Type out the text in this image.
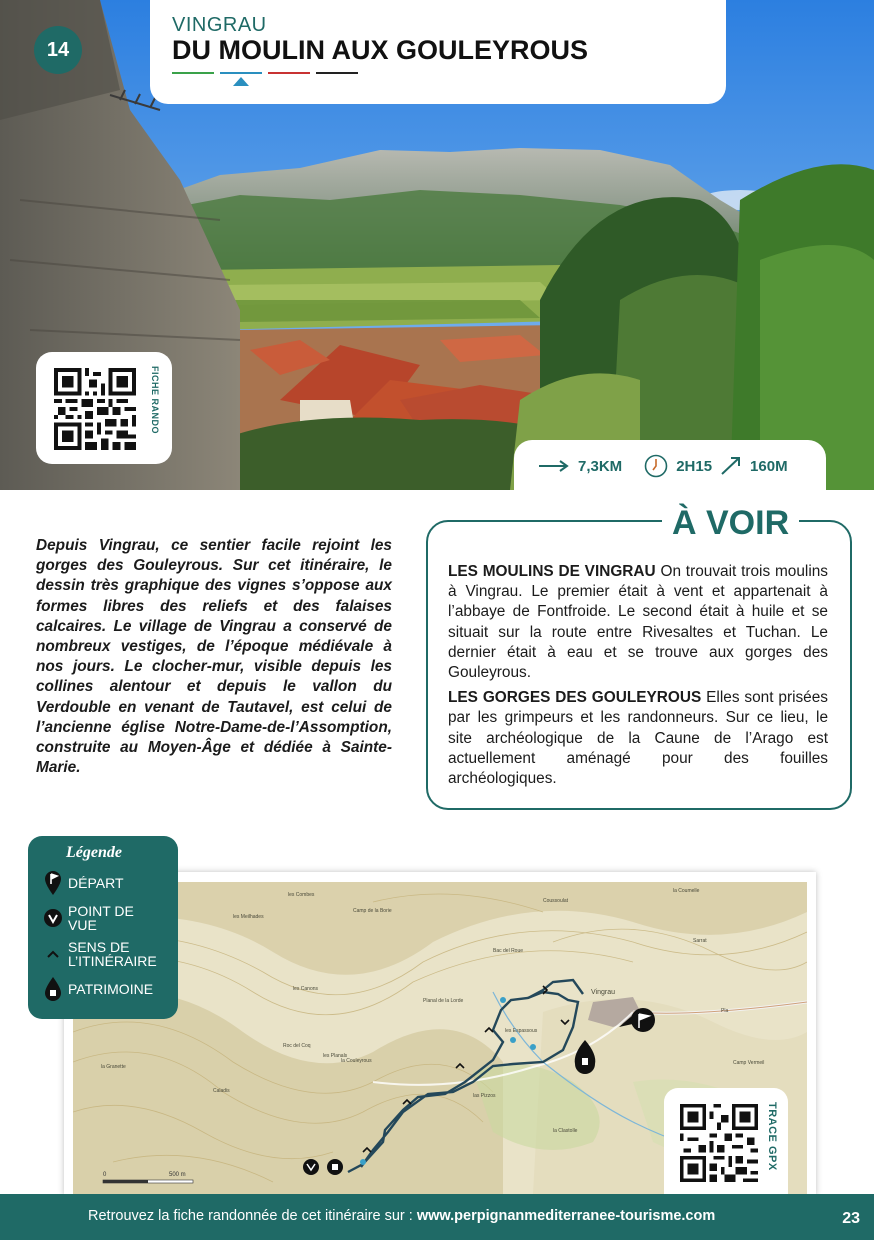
14
VINGRAU
DU MOULIN AUX GOULEYROUS
FICHE RANDO
7,3KM	2H15	160M
Depuis Vingrau, ce sentier facile rejoint les gorges des Gouleyrous. Sur cet itinéraire, le dessin très graphique des vignes s’oppose aux formes libres des reliefs et des falaises calcaires. Le village de Vingrau a conservé de nombreux vestiges, de l’époque médiévale à nos jours. Le clocher-mur, visible depuis les collines alentour et depuis le vallon du Verdouble en venant de Tautavel, est celui de l’ancienne église Notre-Dame-de-l’Assomption, construite au Moyen-Âge et dédiée à Sainte-Marie.
À VOIR

LES MOULINS DE VINGRAU On trouvait trois moulins à Vingrau. Le premier était à vent et appartenait à l’abbaye de Fontfroide. Le second était à huile et se situait sur la route entre Rivesaltes et Tuchan. Le dernier était à eau et se trouve aux gorges des Gouleyrous.

LES GORGES DES GOULEYROUS Elles sont prisées par les grimpeurs et les randonneurs. Sur ce lieu, le site archéologique de la Caune de l’Arago est actuellement aménagé pour des fouilles archéologiques.

Vingrau
les Combes
Camp de la Borie
Coussoulat
les Canons
Roc del Coq
Pla
Camp Vermeil
la Coumelle
Planal de la Lorde
la Granette
Caladis
les Planals
la Couleyrous
les Meilhades
Bac del Roue
la Clastolle
les Espassous
las Pizzos
Sarrat
0	500 m
Légende
DÉPART
POINT DE VUE
SENS DE L’ITINÉRAIRE
PATRIMOINE
TRACE GPX
Retrouvez la fiche randonnée de cet itinéraire sur : www.perpignanmediterranee-tourisme.com	23
